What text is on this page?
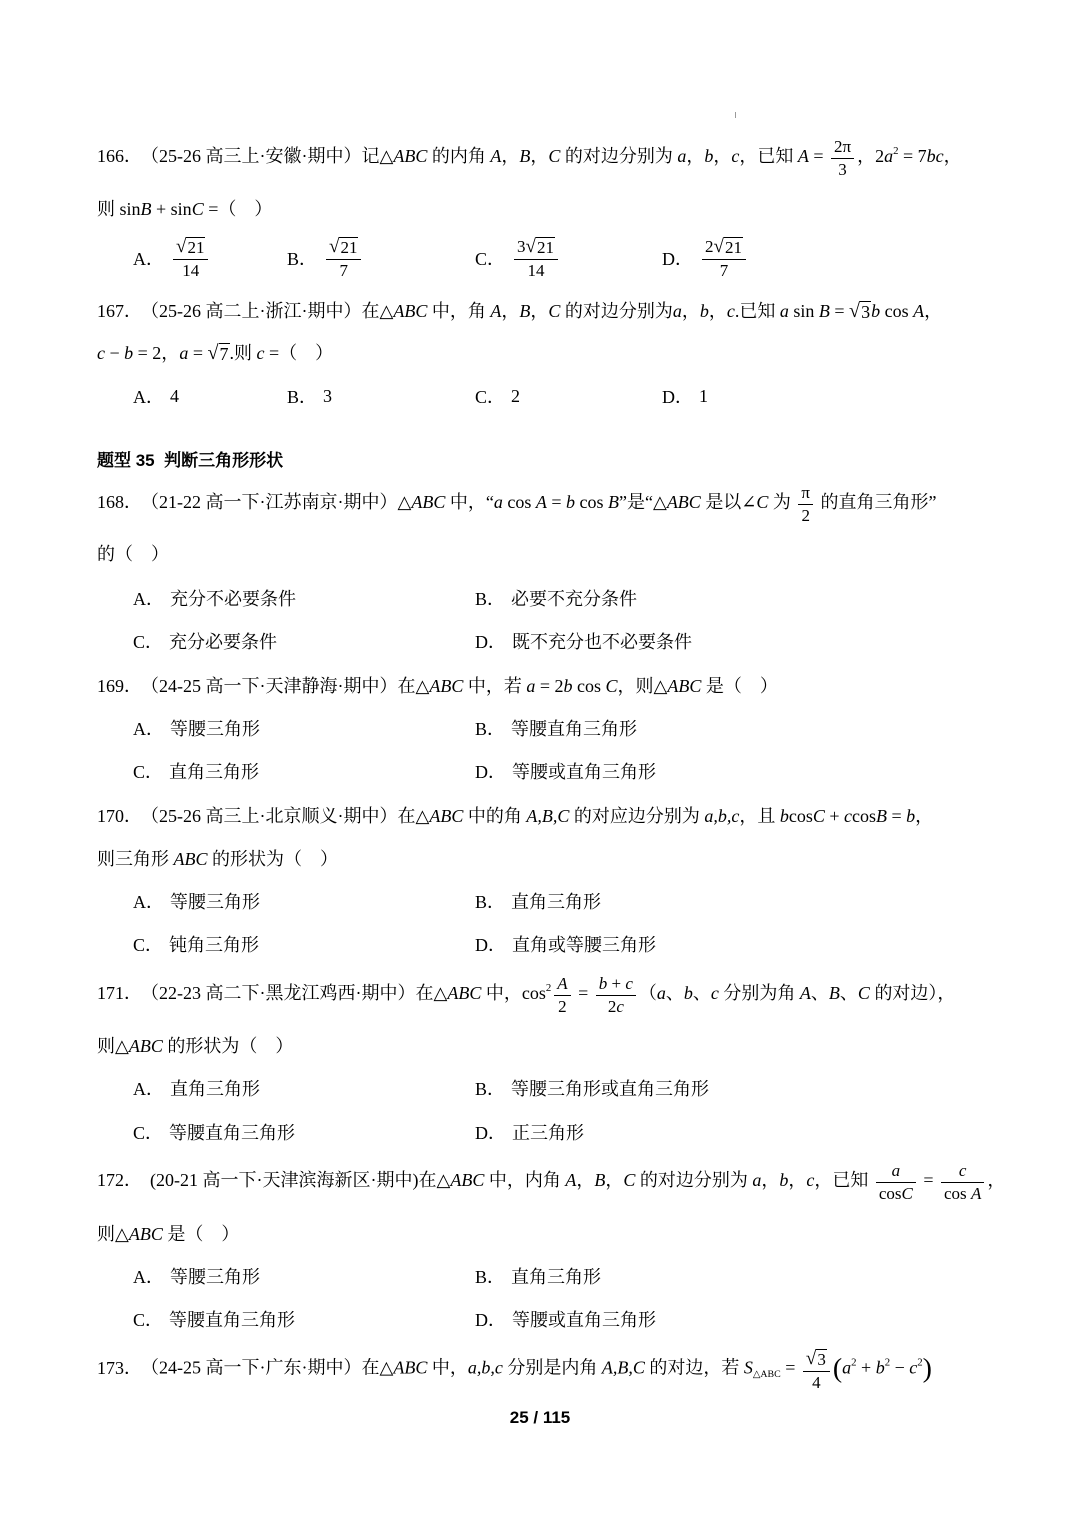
166． （25-26 高三上·安徽·期中）记△ABC 的内角 A，B，C 的对边分别为 a，b，c，已知 $A = \frac{2\pi}{3}$ ，$2a^2 = 7bc$，
则 sinB + sinC =（　）
A．
√ $\frac{21}{14}$	B．
√ $\frac{21}{7}$	C． 3
√ 21
14	D． 2
√ 21
7
167． （25-26 高二上·浙江·期中）在△ABC 中，角 A，B，C 的对边分别为a，b，c.已知 a sin B =
√ 3 b cos A，
c − b = 2，a =
√ 7 .则 c =（　）
A． 4	B． 3	C． 2	D． 1
题型 35  判断三角形形状
168． （21-22 高一下·江苏南京·期中）△ABC 中，“a cos A = b cos B”是“△ABC 是以∠C 为 $\frac{\pi}{2}$ 的直角三角形”
的（　）
A． 充分不必要条件	B． 必要不充分条件
C． 充分必要条件	D． 既不充分也不必要条件
169． （24-25 高一下·天津静海·期中）在△ABC 中，若 a = 2b cos C，则△ABC 是（　）
A． 等腰三角形	B． 等腰直角三角形
C． 直角三角形	D． 等腰或直角三角形
170． （25-26 高三上·北京顺义·期中）在△ABC 中的角 A,B,C 的对应边分别为 a,b,c，且 bcosC + ccosB = b，
则三角形 ABC 的形状为（　）
A． 等腰三角形	B． 直角三角形
C． 钝角三角形	D． 直角或等腰三角形
171． （22-23 高二下·黑龙江鸡西·期中）在△ABC 中，$\cos^2 \frac{A}{2} = \frac{b + c}{2c} (a$、b、c 分别为角 A、B、C 的对边），
则△ABC 的形状为（　）
A． 直角三角形	B． 等腰三角形或直角三角形
C． 等腰直角三角形	D． 正三角形
172． (20-21 高一下·天津滨海新区·期中)在△ABC 中，内角 A，B，C 的对边分别为 a，b，c，已知 $\frac{a}{\cos C} = \frac{c}{\text{cos A}}$ ，
则△ABC 是（　）
A． 等腰三角形	B． 直角三角形
C． 等腰直角三角形	D． 等腰或直角三角形
173． （24-25 高一下·广东·期中）在△ABC 中，a,b,c 分别是内角 A,B,C 的对边，若 $S_{\triangle ABC}$ =
√ $\frac{3}{4} (a^2 + b^2 - c^2)$
25 / 115
